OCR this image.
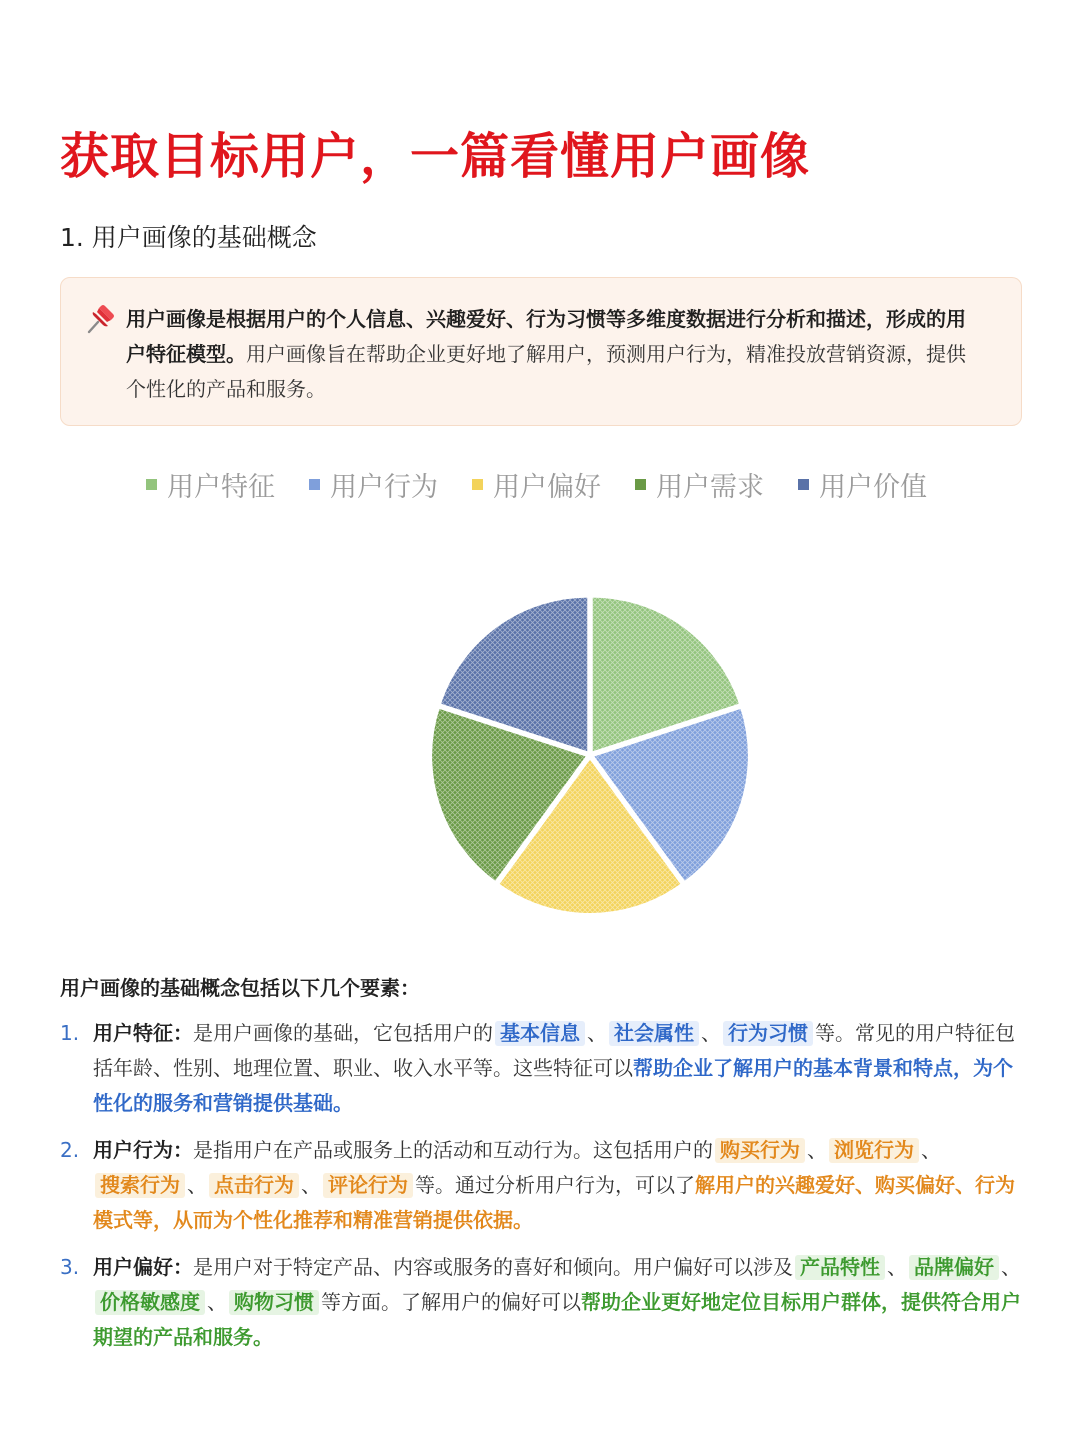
获取目标用户，一篇看懂用户画像
1. 用户画像的基础概念
用户画像是根据用户的个人信息、兴趣爱好、行为习惯等多维度数据进行分析和描述，形成的用户特征模型。用户画像旨在帮助企业更好地了解用户，预测用户行为，精准投放营销资源，提供个性化的产品和服务。
用户特征 用户行为 用户偏好 用户需求 用户价值

用户画像的基础概念包括以下几个要素：

1. 用户特征：是用户画像的基础，它包括用户的 基本信息 、 社会属性 、 行为习惯 等。常见的用户特征包括年龄、性别、地理位置、职业、收入水平等。这些特征可以帮助企业了解用户的基本背景和特点，为个性化的服务和营销提供基础。
2. 用户行为：是指用户在产品或服务上的活动和互动行为。这包括用户的 购买行为 、 浏览行为 、搜索行为 、 点击行为 、 评论行为 等。通过分析用户行为，可以了解用户的兴趣爱好、购买偏好、行为模式等，从而为个性化推荐和精准营销提供依据。
3. 用户偏好：是用户对于特定产品、内容或服务的喜好和倾向。用户偏好可以涉及 产品特性 、 品牌偏好 、价格敏感度 、 购物习惯 等方面。了解用户的偏好可以帮助企业更好地定位目标用户群体，提供符合用户期望的产品和服务。
